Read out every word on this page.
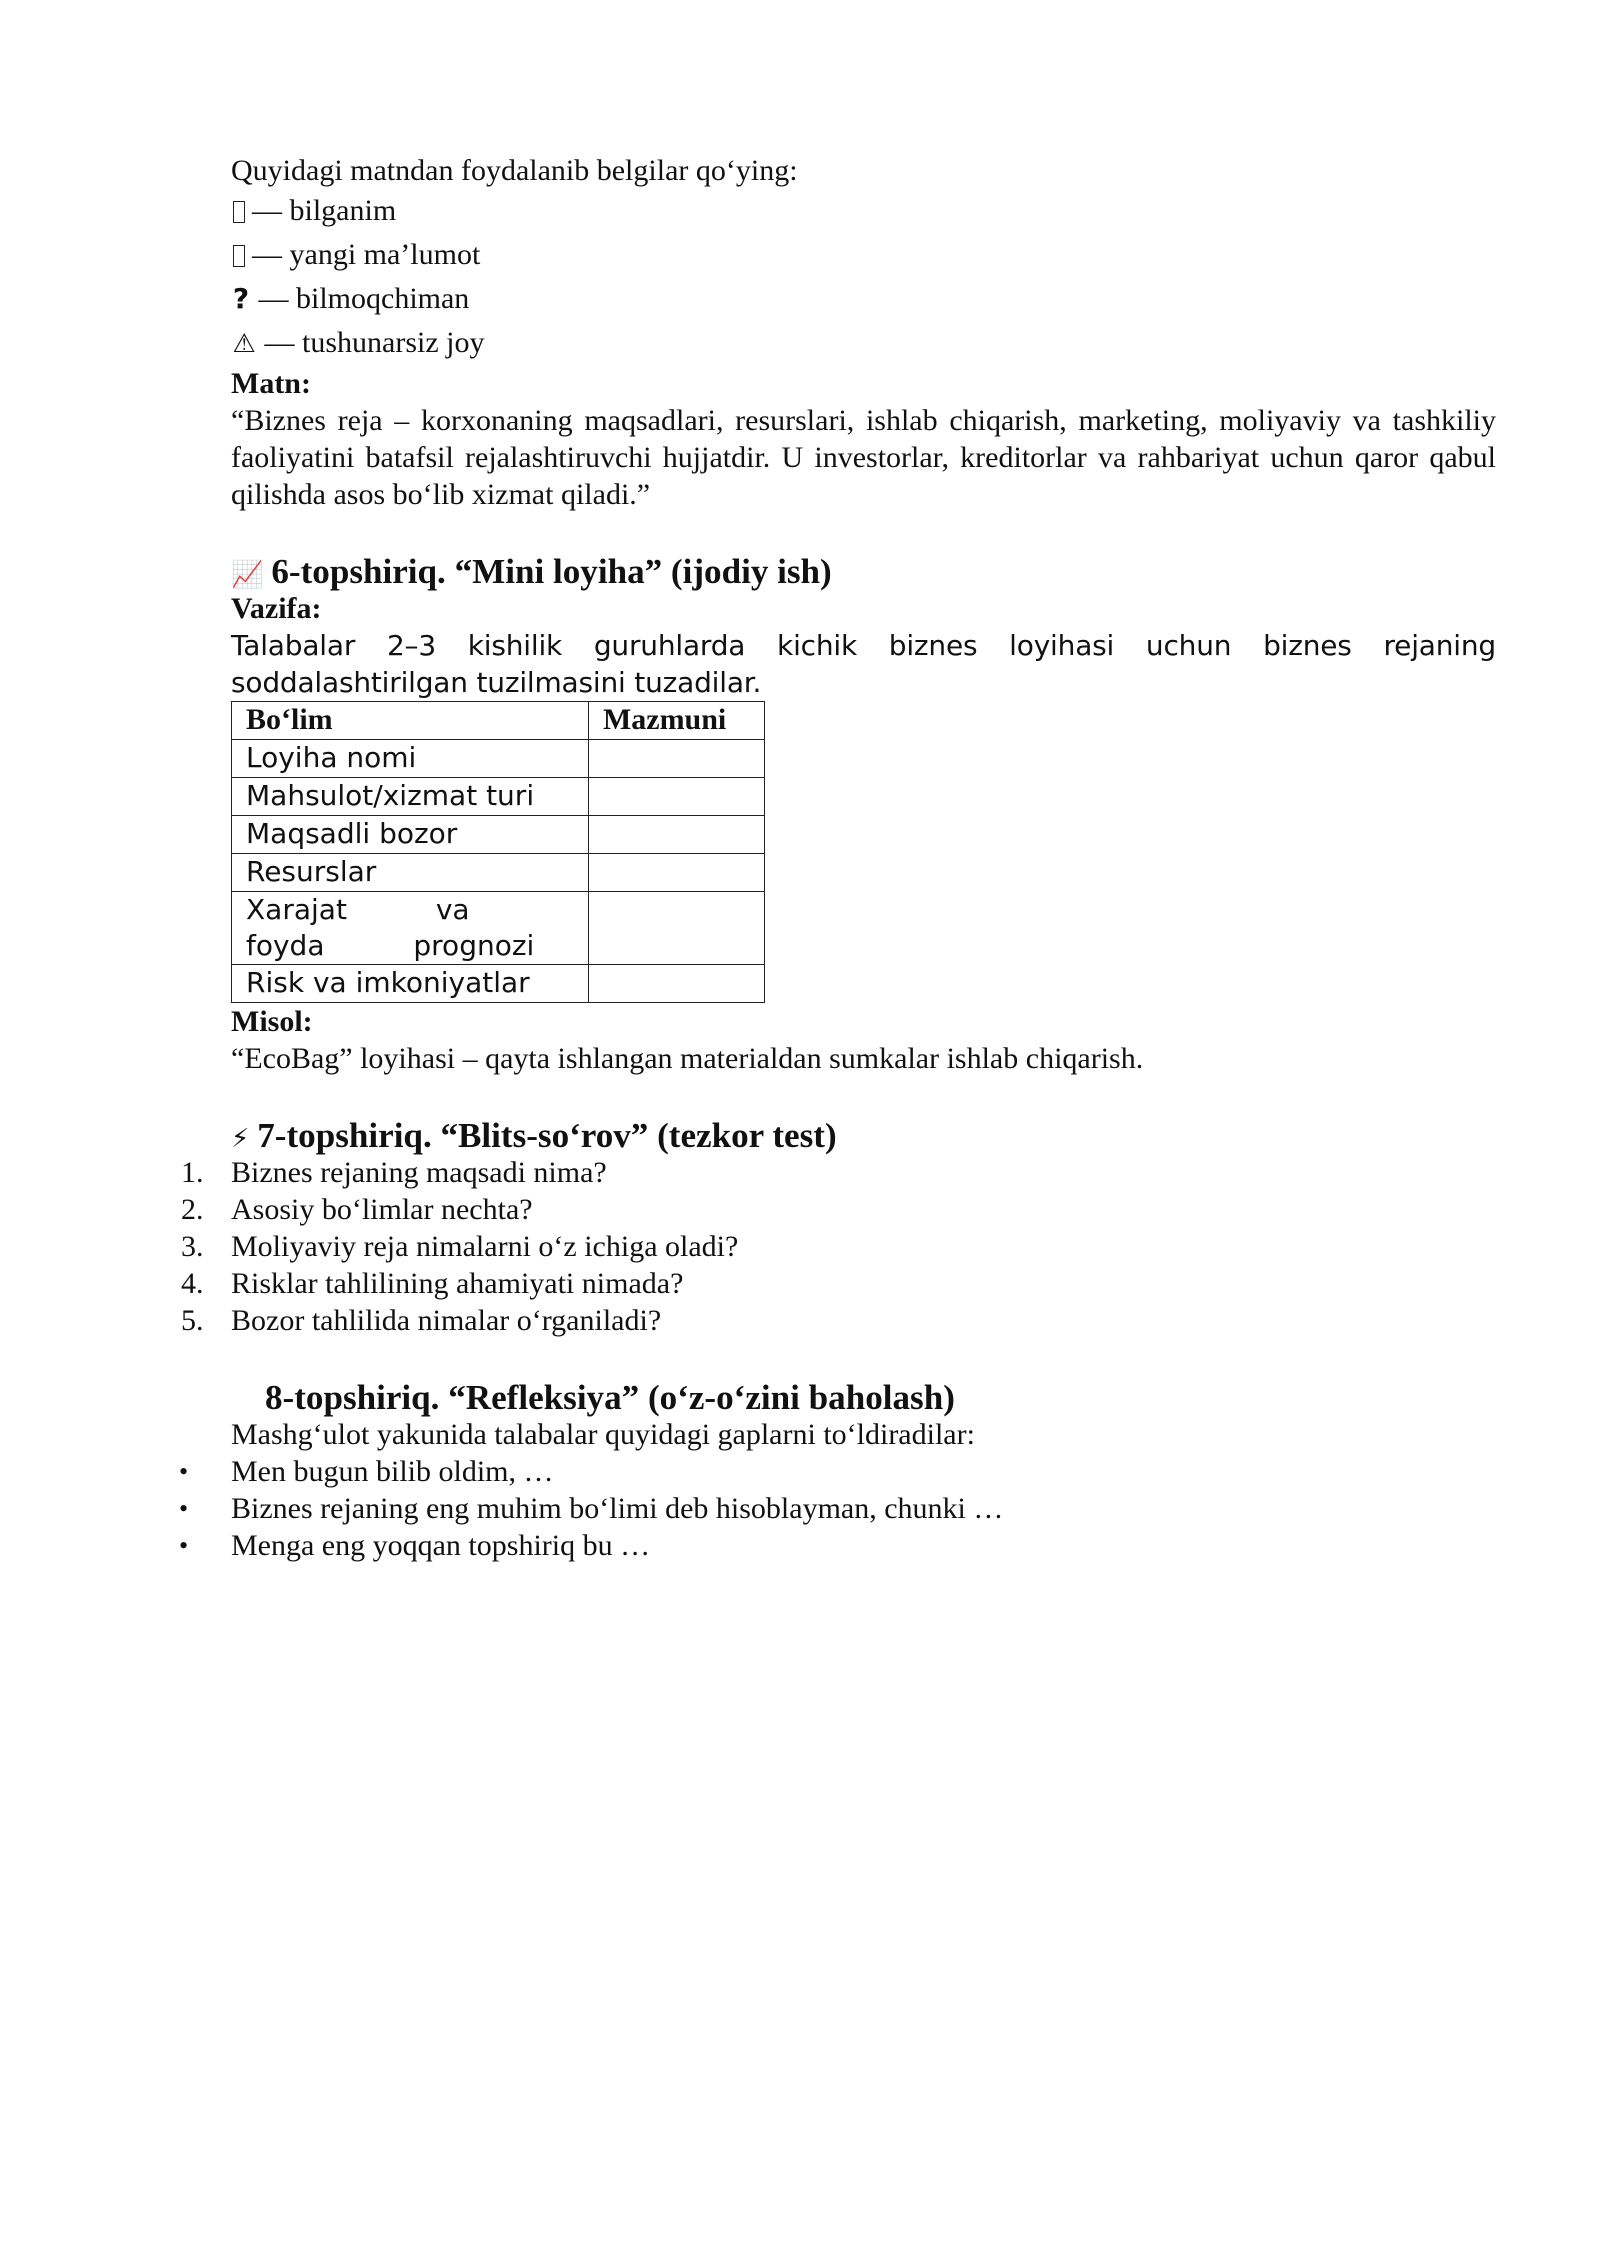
Quyidagi matndan foydalanib belgilar qo‘ying:

— bilganim
— yangi ma’lumot
? — bilmoqchiman
⚠ — tushunarsiz joy

Matn:

“Biznes reja – korxonaning maqsadlari, resurslari, ishlab chiqarish, marketing, moliyaviy va tashkiliy faoliyatini batafsil rejalashtiruvchi hujjatdir. U investorlar, kreditorlar va rahbariyat uchun qaror qabul qilishda asos bo‘lib xizmat qiladi.”

📈 6-topshiriq. “Mini loyiha” (ijodiy ish)

Vazifa:

Talabalar 2–3 kishilik guruhlarda kichik biznes loyihasi uchun biznes rejaning soddalashtirilgan tuzilmasini tuzadilar.

Bo‘lim	Mazmuni
Loyiha nomi	
Mahsulot/xizmat turi	
Maqsadli bozor	
Resurslar	
Xarajat va foyda prognozi	
Risk va imkoniyatlar	

Misol:

“EcoBag” loyihasi – qayta ishlangan materialdan sumkalar ishlab chiqarish.

⚡ 7-topshiriq. “Blits-so‘rov” (tezkor test)
1. Biznes rejaning maqsadi nima?
2. Asosiy bo‘limlar nechta?
3. Moliyaviy reja nimalarni o‘z ichiga oladi?
4. Risklar tahlilining ahamiyati nimada?
5. Bozor tahlilida nimalar o‘rganiladi?
8-topshiriq. “Refleksiya” (o‘z-o‘zini baholash)

Mashg‘ulot yakunida talabalar quyidagi gaplarni to‘ldiradilar:

• Men bugun bilib oldim, …
• Biznes rejaning eng muhim bo‘limi deb hisoblayman, chunki …
• Menga eng yoqqan topshiriq bu …
